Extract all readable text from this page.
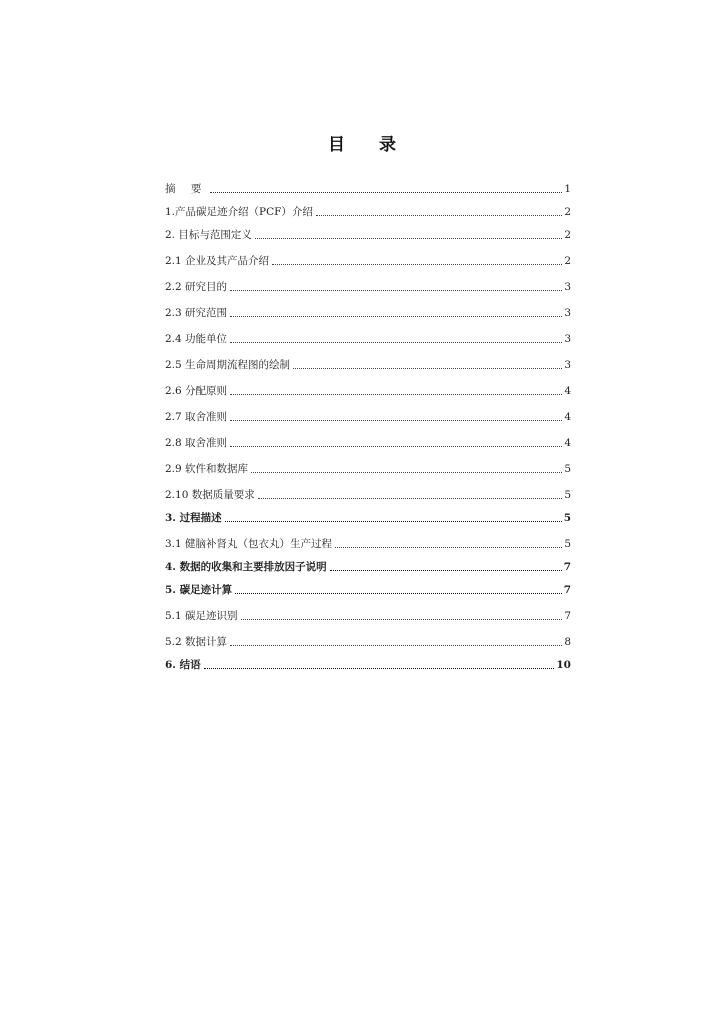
目 录
摘 要	1
1.产品碳足迹介绍（PCF）介绍	2
2. 目标与范围定义	2
2.1 企业及其产品介绍	2
2.2 研究目的	3
2.3 研究范围	3
2.4 功能单位	3
2.5 生命周期流程图的绘制	3
2.6 分配原则	4
2.7 取舍准则	4
2.8 取舍准则	4
2.9 软件和数据库	5
2.10 数据质量要求	5
3. 过程描述	5
3.1 健脑补肾丸（包衣丸）生产过程	5
4. 数据的收集和主要排放因子说明	7
5. 碳足迹计算	7
5.1 碳足迹识别	7
5.2 数据计算	8
6. 结语	10
